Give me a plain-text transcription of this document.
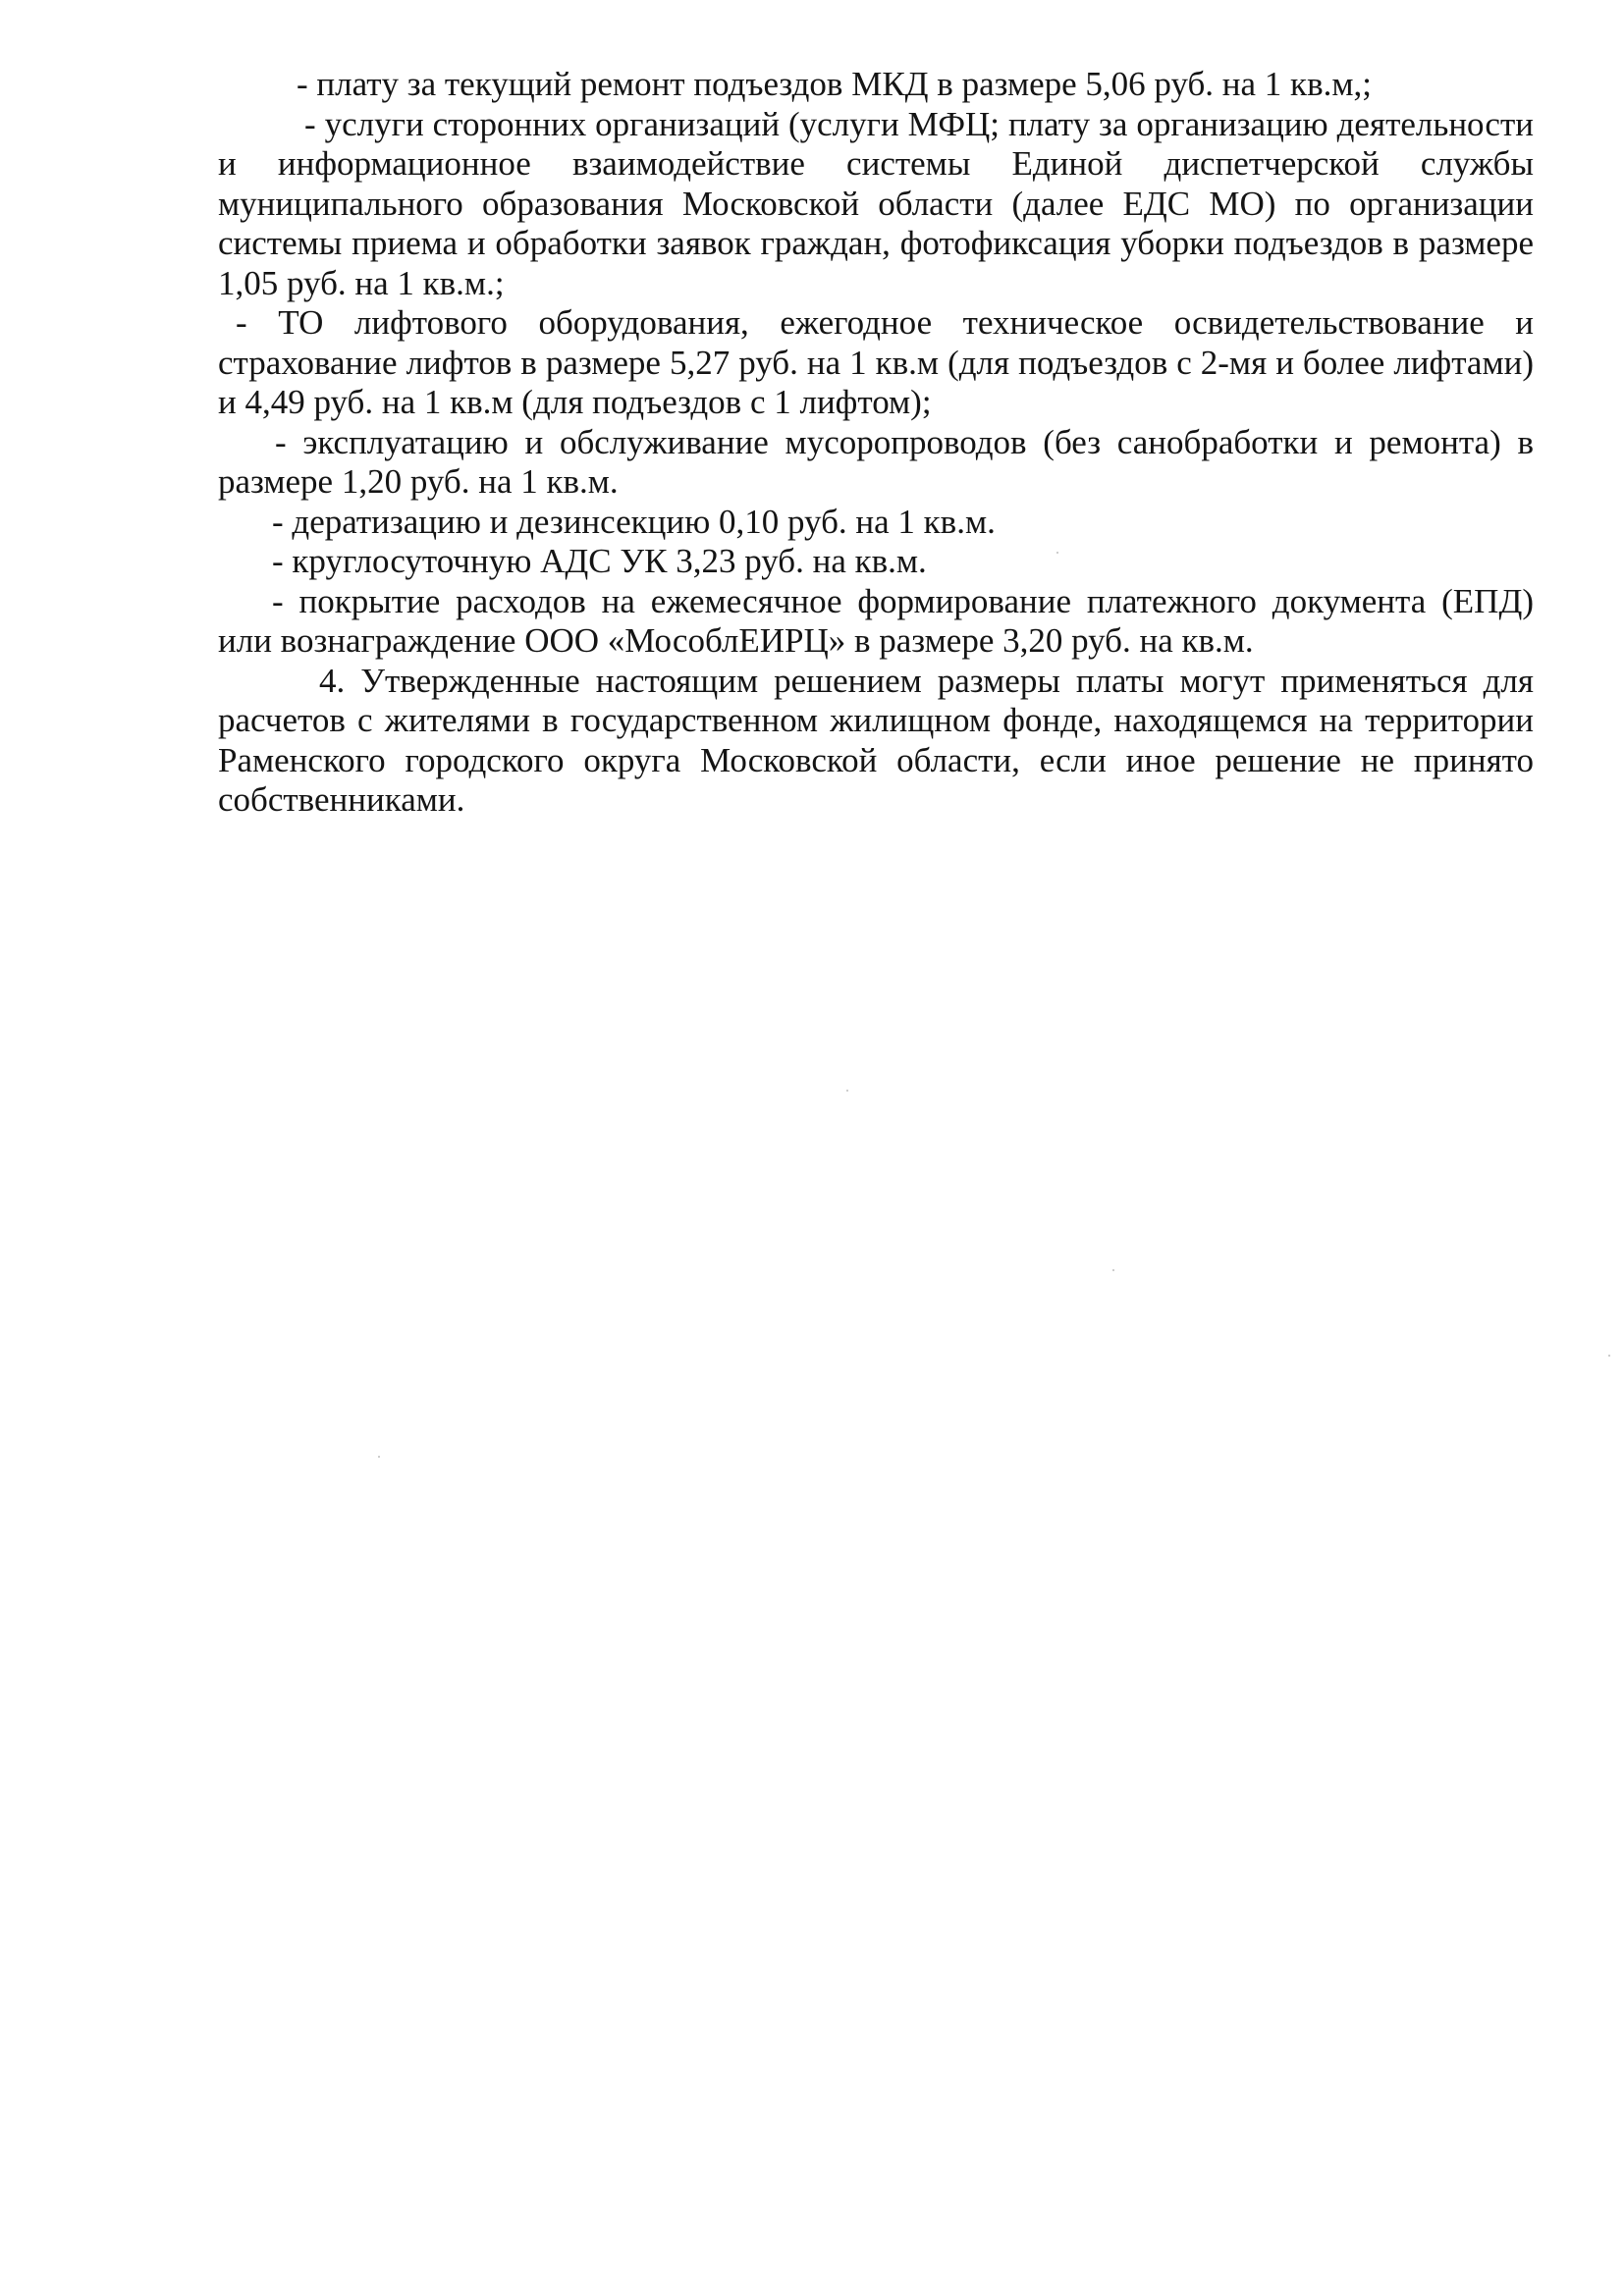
- платy за текущий ремонт подъездов МКД в размере 5,06 руб. на 1 кв.м,;

- услуги сторонних организаций (услуги МФЦ; плату за организацию деятельности и информационное взаимодействие системы Единой диспетчерской службы муниципального образования Московской области (далее ЕДС МО) по организации системы приема и обработки заявок граждан, фотофиксация уборки подъездов в размере 1,05 руб. на 1 кв.м.;

- ТО лифтового оборудования, ежегодное техническое освидетельствование и страхование лифтов в размере 5,27 руб. на 1 кв.м (для подъездов с 2-мя и более лифтами) и 4,49 руб. на 1 кв.м (для подъездов с 1 лифтом);

- эксплуатацию и обслуживание мусоропроводов (без санобработки и ремонта) в размере 1,20 руб. на 1 кв.м.

- дератизацию и дезинсекцию 0,10 руб. на 1 кв.м.

- круглосуточную АДС УК 3,23 руб. на кв.м.

- покрытие расходов на ежемесячное формирование платежного документа (ЕПД) или вознаграждение ООО «МособлЕИРЦ» в размере 3,20 руб. на кв.м.

4. Утвержденные настоящим решением размеры платы могут применяться для расчетов с жителями в государственном жилищном фонде, находящемся на территории Раменского городского округа Московской области, если иное решение не принято собственниками.
